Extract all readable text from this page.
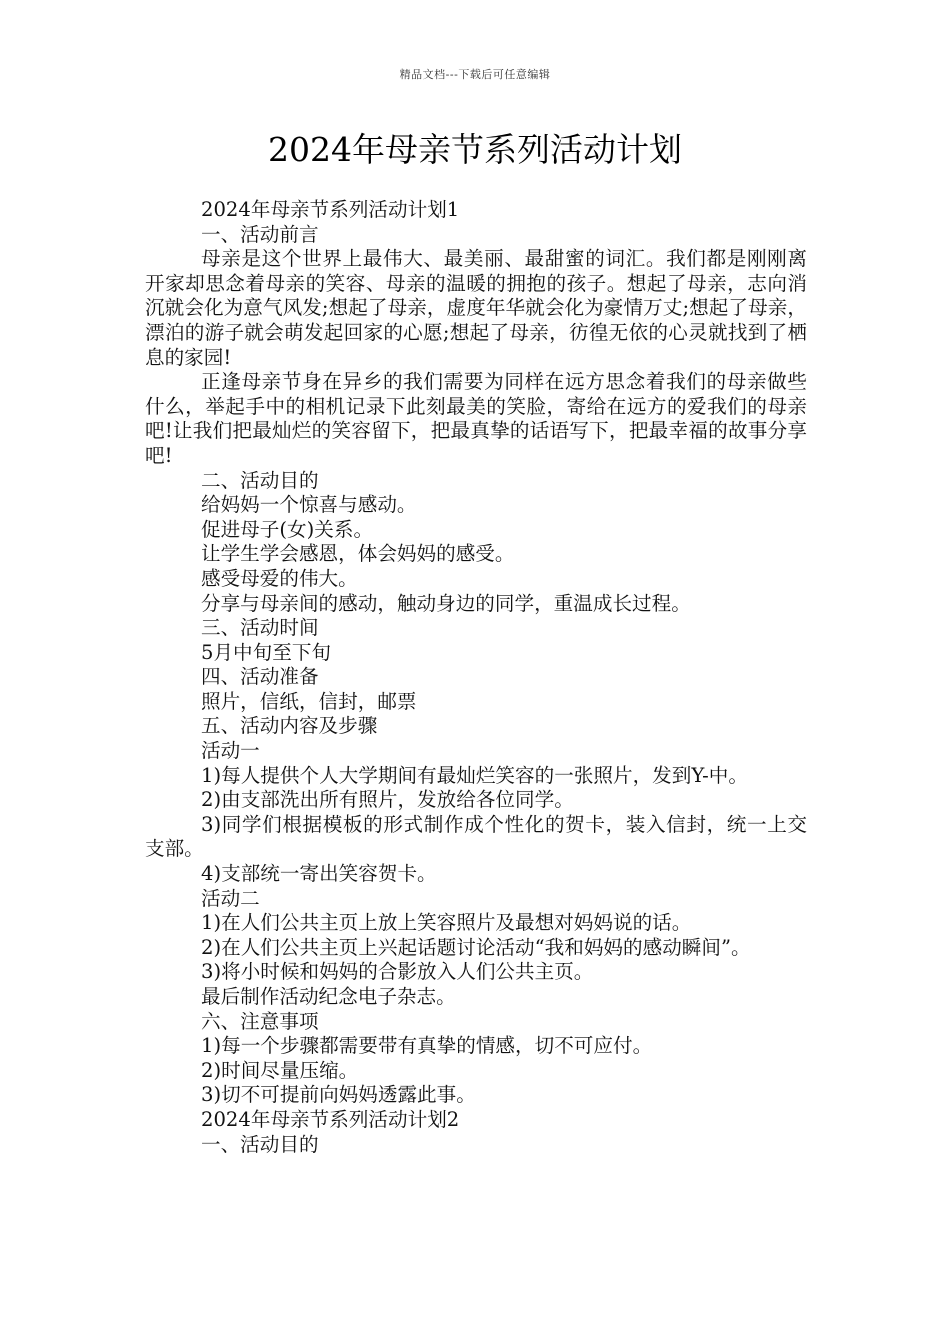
精品文档---下载后可任意编辑
2024年母亲节系列活动计划

2024年母亲节系列活动计划1

一、活动前言

母亲是这个世界上最伟大、最美丽、最甜蜜的词汇。我们都是刚刚离开家却思念着母亲的笑容、母亲的温暖的拥抱的孩子。想起了母亲，志向消沉就会化为意气风发;想起了母亲，虚度年华就会化为豪情万丈;想起了母亲，漂泊的游子就会萌发起回家的心愿;想起了母亲，彷徨无依的心灵就找到了栖息的家园!

正逢母亲节身在异乡的我们需要为同样在远方思念着我们的母亲做些什么，举起手中的相机记录下此刻最美的笑脸，寄给在远方的爱我们的母亲吧!让我们把最灿烂的笑容留下，把最真挚的话语写下，把最幸福的故事分享吧!

二、活动目的

给妈妈一个惊喜与感动。

促进母子(女)关系。

让学生学会感恩，体会妈妈的感受。

感受母爱的伟大。

分享与母亲间的感动，触动身边的同学，重温成长过程。

三、活动时间

5月中旬至下旬

四、活动准备

照片，信纸，信封，邮票

五、活动内容及步骤

活动一

1)每人提供个人大学期间有最灿烂笑容的一张照片，发到Y-中。

2)由支部洗出所有照片，发放给各位同学。

3)同学们根据模板的形式制作成个性化的贺卡，装入信封，统一上交支部。

4)支部统一寄出笑容贺卡。

活动二

1)在人们公共主页上放上笑容照片及最想对妈妈说的话。

2)在人们公共主页上兴起话题讨论活动“我和妈妈的感动瞬间”。

3)将小时候和妈妈的合影放入人们公共主页。

最后制作活动纪念电子杂志。

六、注意事项

1)每一个步骤都需要带有真挚的情感，切不可应付。

2)时间尽量压缩。

3)切不可提前向妈妈透露此事。

2024年母亲节系列活动计划2

一、活动目的
